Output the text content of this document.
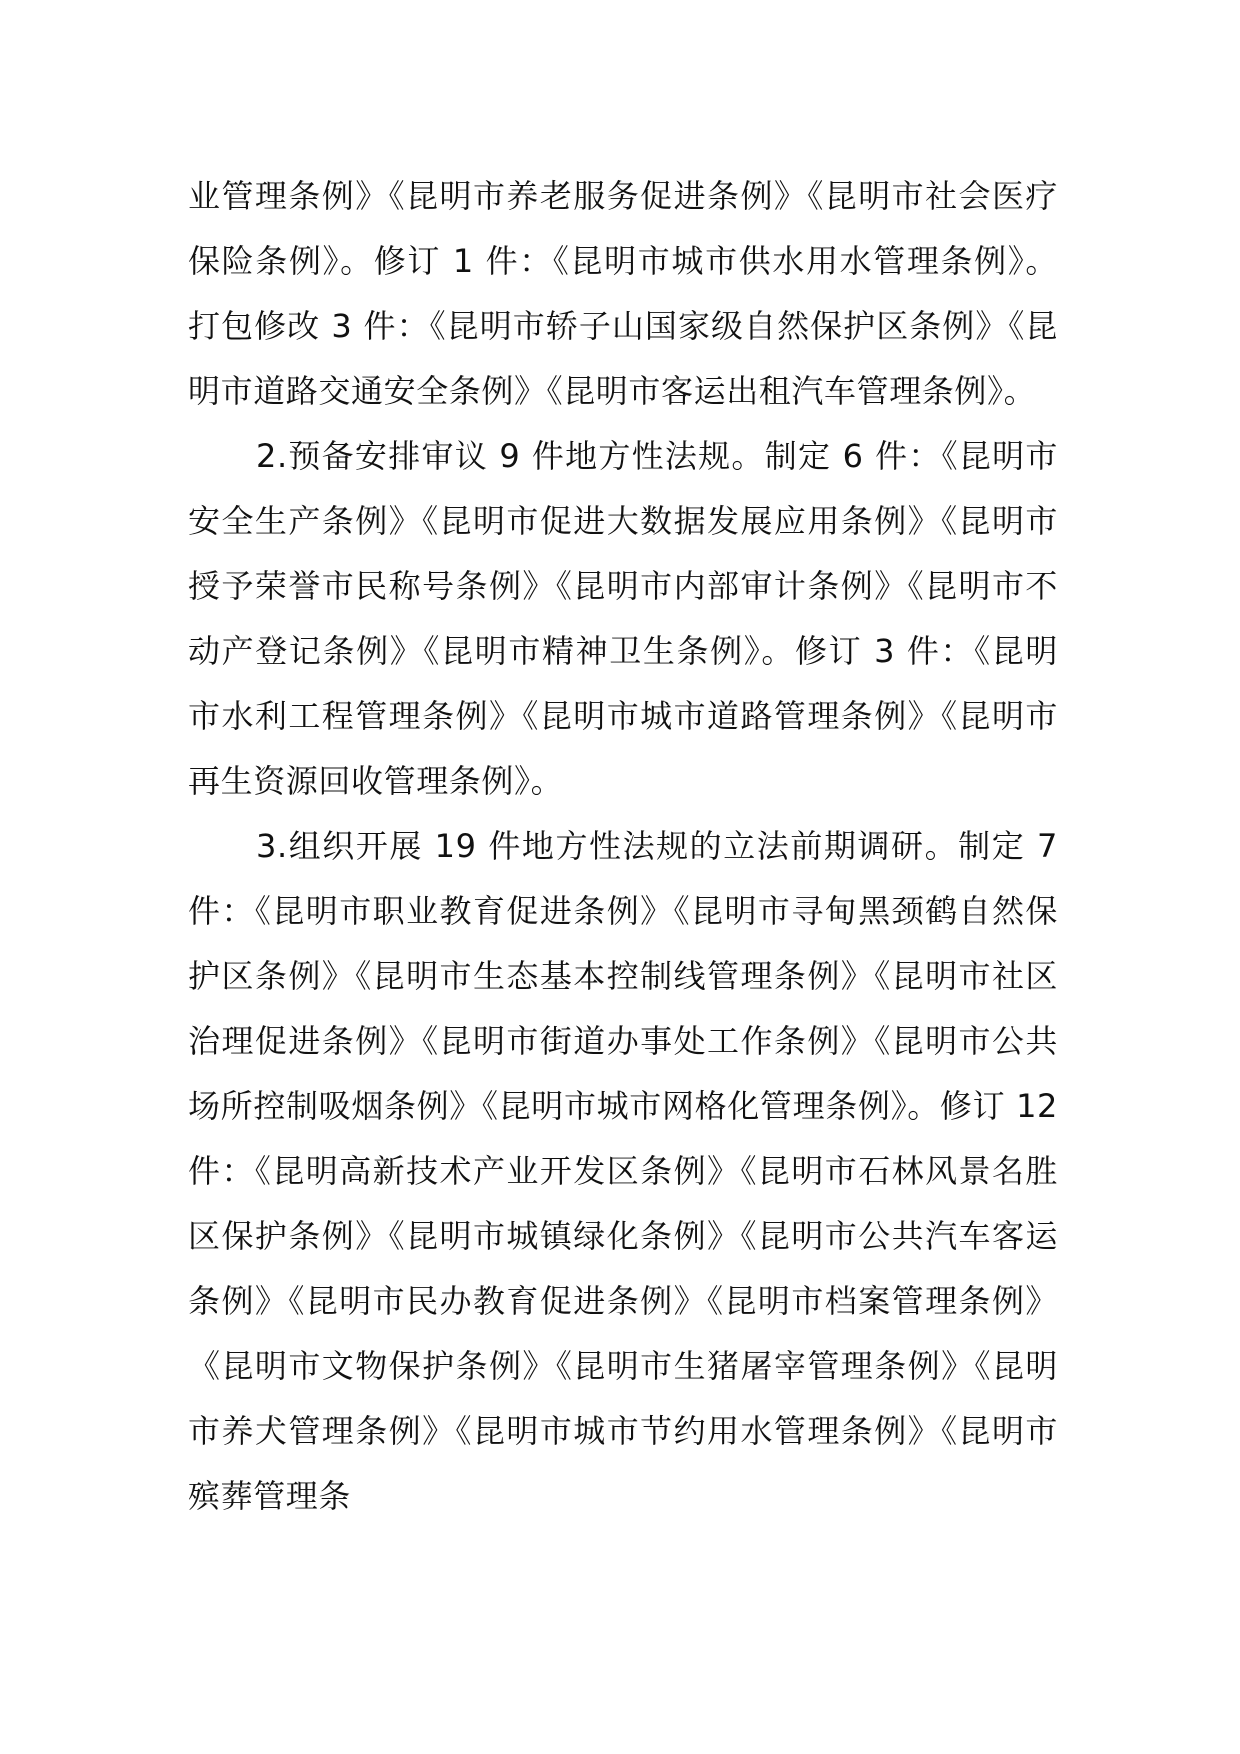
业管理条例》《昆明市养老服务促进条例》《昆明市社会医疗保险条例》。修订 1 件：《昆明市城市供水用水管理条例》。打包修改 3 件：《昆明市轿子山国家级自然保护区条例》《昆明市道路交通安全条例》《昆明市客运出租汽车管理条例》。

2.预备安排审议 9 件地方性法规。制定 6 件：《昆明市安全生产条例》《昆明市促进大数据发展应用条例》《昆明市授予荣誉市民称号条例》《昆明市内部审计条例》《昆明市不动产登记条例》《昆明市精神卫生条例》。修订 3 件：《昆明市水利工程管理条例》《昆明市城市道路管理条例》《昆明市再生资源回收管理条例》。

3.组织开展 19 件地方性法规的立法前期调研。制定 7 件：《昆明市职业教育促进条例》《昆明市寻甸黑颈鹤自然保护区条例》《昆明市生态基本控制线管理条例》《昆明市社区治理促进条例》《昆明市街道办事处工作条例》《昆明市公共场所控制吸烟条例》《昆明市城市网格化管理条例》。修订 12 件：《昆明高新技术产业开发区条例》《昆明市石林风景名胜区保护条例》《昆明市城镇绿化条例》《昆明市公共汽车客运条例》《昆明市民办教育促进条例》《昆明市档案管理条例》《昆明市文物保护条例》《昆明市生猪屠宰管理条例》《昆明市养犬管理条例》《昆明市城市节约用水管理条例》《昆明市殡葬管理条
